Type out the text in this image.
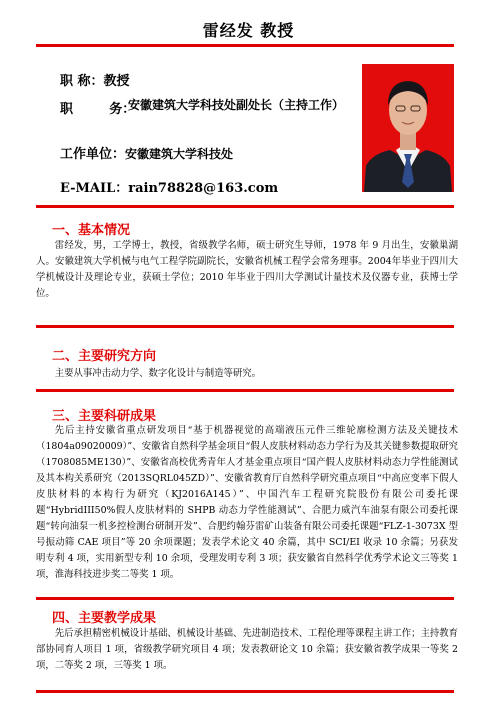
雷经发 教授
职 称：教授
职        务：安徽建筑大学科技处副处长（主持工作）
工作单位：安徽建筑大学科技处
E-MAIL：rain78828@163.com
一、基本情况

雷经发，男，工学博士，教授，省级教学名师，硕士研究生导师，1978 年 9 月出生，安徽巢湖人。安徽建筑大学机械与电气工程学院副院长，安徽省机械工程学会常务理事。2004年毕业于四川大学机械设计及理论专业，获硕士学位；2010 年毕业于四川大学测试计量技术及仪器专业，获博士学位。

二、主要研究方向

主要从事冲击动力学、数字化设计与制造等研究。

三、主要科研成果

先后主持安徽省重点研发项目“基于机器视觉的高端液压元件三维轮廓检测方法及关键技术（1804a09020009）”、安徽省自然科学基金项目“假人皮肤材料动态力学行为及其关键参数提取研究（1708085ME130）”、安徽省高校优秀青年人才基金重点项目“国产假人皮肤材料动态力学性能测试及其本构关系研究（2013SQRL045ZD）”、安徽省教育厅自然科学研究重点项目“中高应变率下假人皮肤材料的本构行为研究（KJ2016A145）”、中国汽车工程研究院股份有限公司委托课题“HybridIII50%假人皮肤材料的 SHPB 动态力学性能测试”、合肥力威汽车油泵有限公司委托课题“转向油泵一机多控检测台研制开发”、合肥约翰芬雷矿山装备有限公司委托课题“FLZ-1-3073X 型号振动筛 CAE 项目”等 20 余项课题；发表学术论文 40 余篇，其中 SCI/EI 收录 10 余篇；另获发明专利 4 项，实用新型专利 10 余项，受理发明专利 3 项；获安徽省自然科学优秀学术论文三等奖 1 项，淮海科技进步奖二等奖 1 项。

四、主要教学成果

先后承担精密机械设计基础、机械设计基础、先进制造技术、工程伦理等课程主讲工作；主持教育部协同育人项目 1 项，省级教学研究项目 4 项；发表教研论文 10 余篇；获安徽省教学成果一等奖 2 项，二等奖 2 项，三等奖 1 项。
